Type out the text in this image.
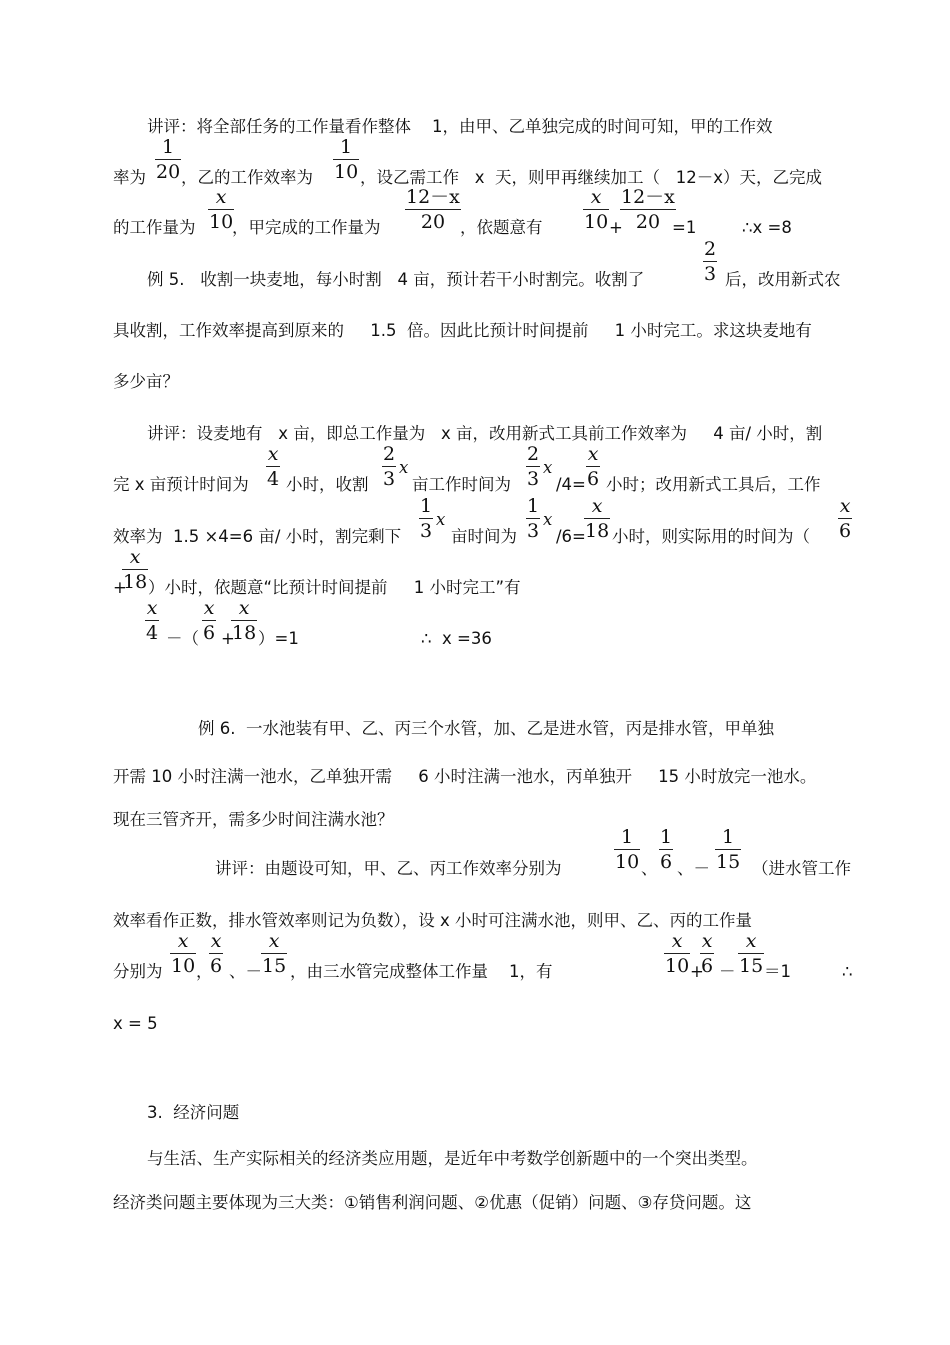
讲评：将全部任务的工作量看作整体    1，由甲、乙单独完成的时间可知，甲的工作效
率为
1
20 ，乙的工作效率为
1
10 ，设乙需工作   x  天，则甲再继续加工（   12－x）天，乙完成
的工作量为
x
10
，甲完成的工作量为
12－x
20 ，依题意有
x
10 +
12－x
20 =1	∴x =8
例 5.   收割一块麦地，每小时割   4 亩，预计若干小时割完。收割了
2
3 后，改用新式农
具收割，工作效率提高到原来的     1.5  倍。因此比预计时间提前     1 小时完工。求这块麦地有
多少亩？
讲评：设麦地有   x 亩，即总工作量为   x 亩，改用新式工具前工作效率为     4 亩/ 小时，割
完 x 亩预计时间为
x
4 小时，收割
2
3
x
亩工作时间为
2
3
x
/4=
x
6 小时；改用新式工具后，工作
效率为  1.5 ×4=6 亩/ 小时，割完剩下
1
3
x
亩时间为
1
3
x
/6=
x
18 小时，则实际用的时间为（
x
6
+
x
18 ）小时，依题意“比预计时间提前     1 小时完工”有
x
4 －（
x
6 +
x
18 ）=1	∴  x =36
例 6.  一水池装有甲、乙、丙三个水管，加、乙是进水管，丙是排水管，甲单独
开需 10 小时注满一池水，乙单独开需     6 小时注满一池水，丙单独开     15 小时放完一池水。
现在三管齐开，需多少时间注满水池？
讲评：由题设可知，甲、乙、丙工作效率分别为
1
10 、
1
6 、－
1
15 （进水管工作
效率看作正数，排水管效率则记为负数），设 x 小时可注满水池，则甲、乙、丙的工作量
分别为
x
10 ，
x
6 、－
x
15 ，由三水管完成整体工作量    1，有
x
10 +
x
6 －
x
15 ＝1	∴
x = 5
3.  经济问题
与生活、生产实际相关的经济类应用题，是近年中考数学创新题中的一个突出类型。
经济类问题主要体现为三大类：①销售利润问题、②优惠（促销）问题、③存贷问题。这
